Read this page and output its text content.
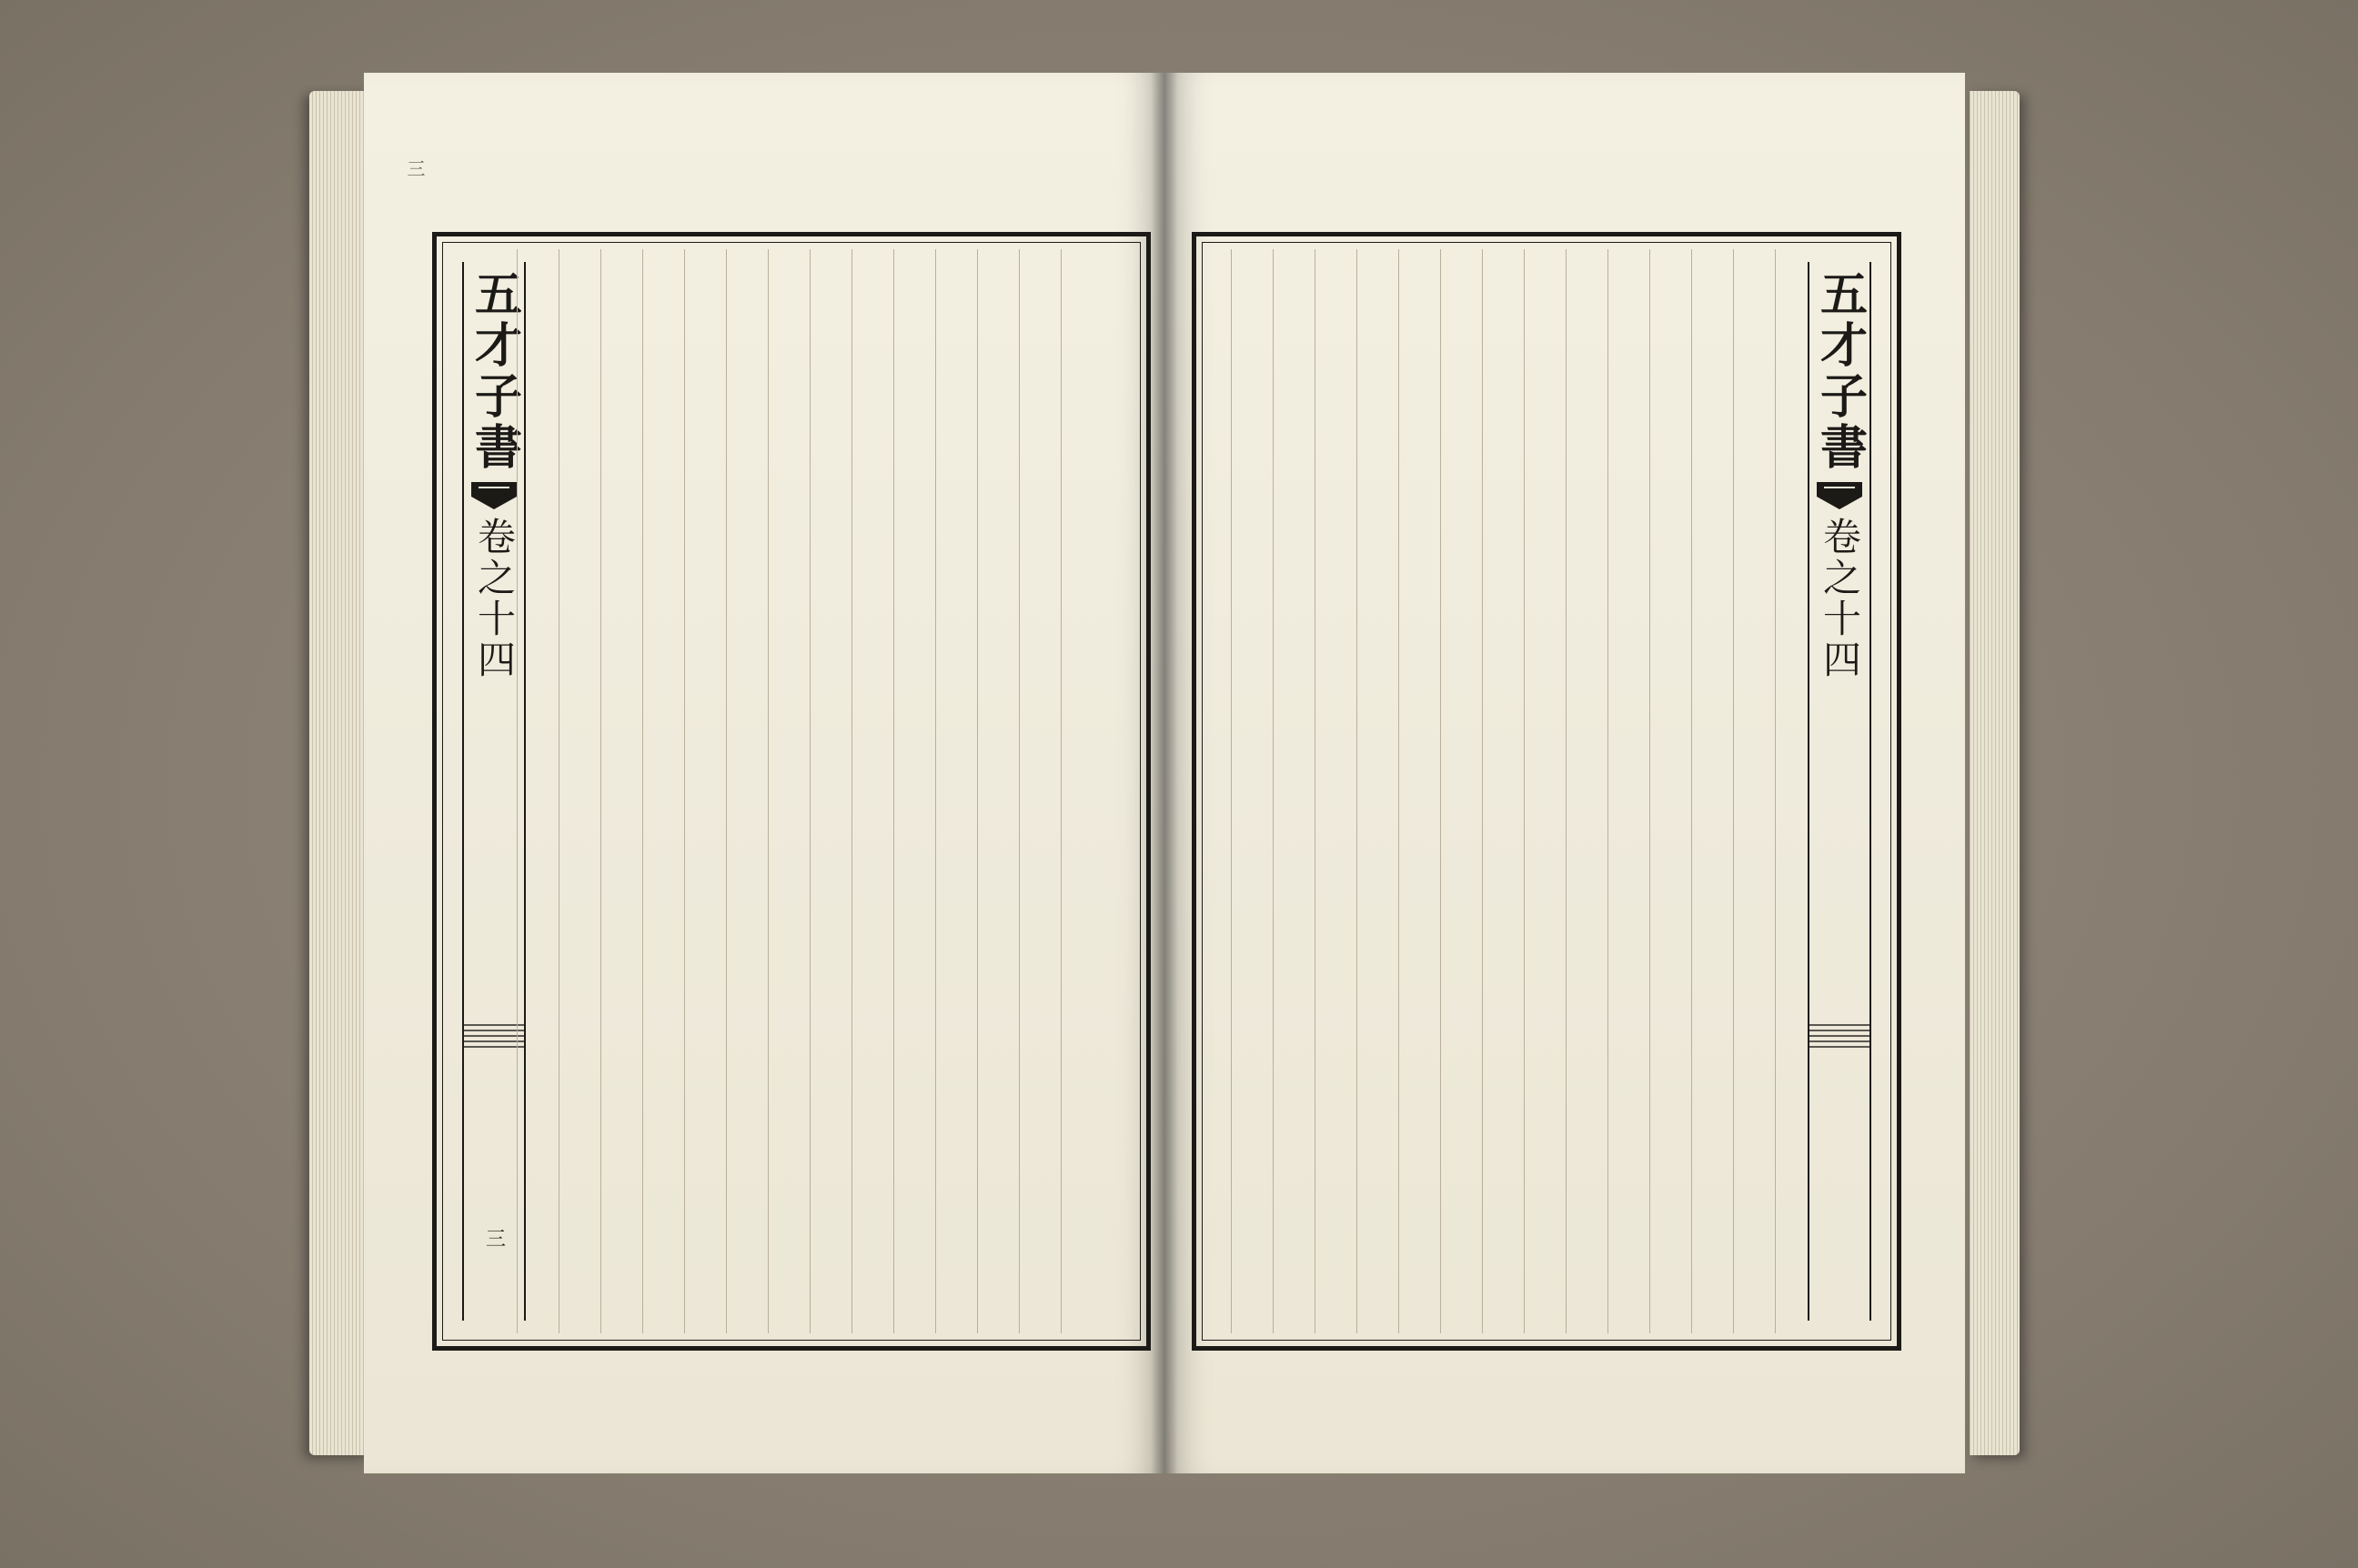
三
五才子書
卷之十四
三
五才子書
卷之十四
